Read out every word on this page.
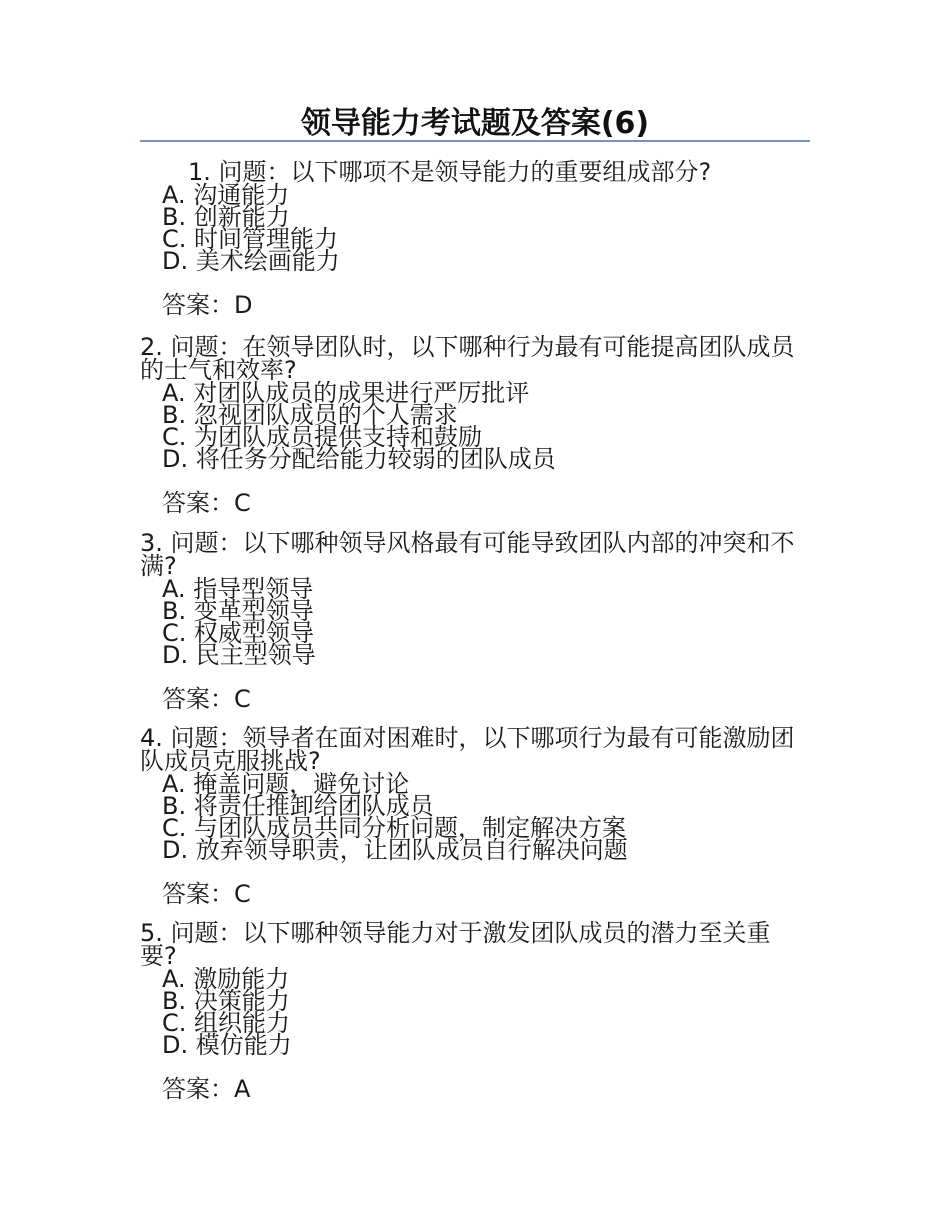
领导能力考试题及答案(6)

1. 问题：以下哪项不是领导能力的重要组成部分?

A. 沟通能力
B. 创新能力
C. 时间管理能力
D. 美术绘画能力
答案：D

2. 问题：在领导团队时，以下哪种行为最有可能提高团队成员的士气和效率?

A. 对团队成员的成果进行严厉批评
B. 忽视团队成员的个人需求
C. 为团队成员提供支持和鼓励
D. 将任务分配给能力较弱的团队成员
答案：C

3. 问题：以下哪种领导风格最有可能导致团队内部的冲突和不满?

A. 指导型领导
B. 变革型领导
C. 权威型领导
D. 民主型领导
答案：C

4. 问题：领导者在面对困难时，以下哪项行为最有可能激励团队成员克服挑战?

A. 掩盖问题，避免讨论
B. 将责任推卸给团队成员
C. 与团队成员共同分析问题，制定解决方案
D. 放弃领导职责，让团队成员自行解决问题
答案：C

5. 问题：以下哪种领导能力对于激发团队成员的潜力至关重要?

A. 激励能力
B. 决策能力
C. 组织能力
D. 模仿能力
答案：A
